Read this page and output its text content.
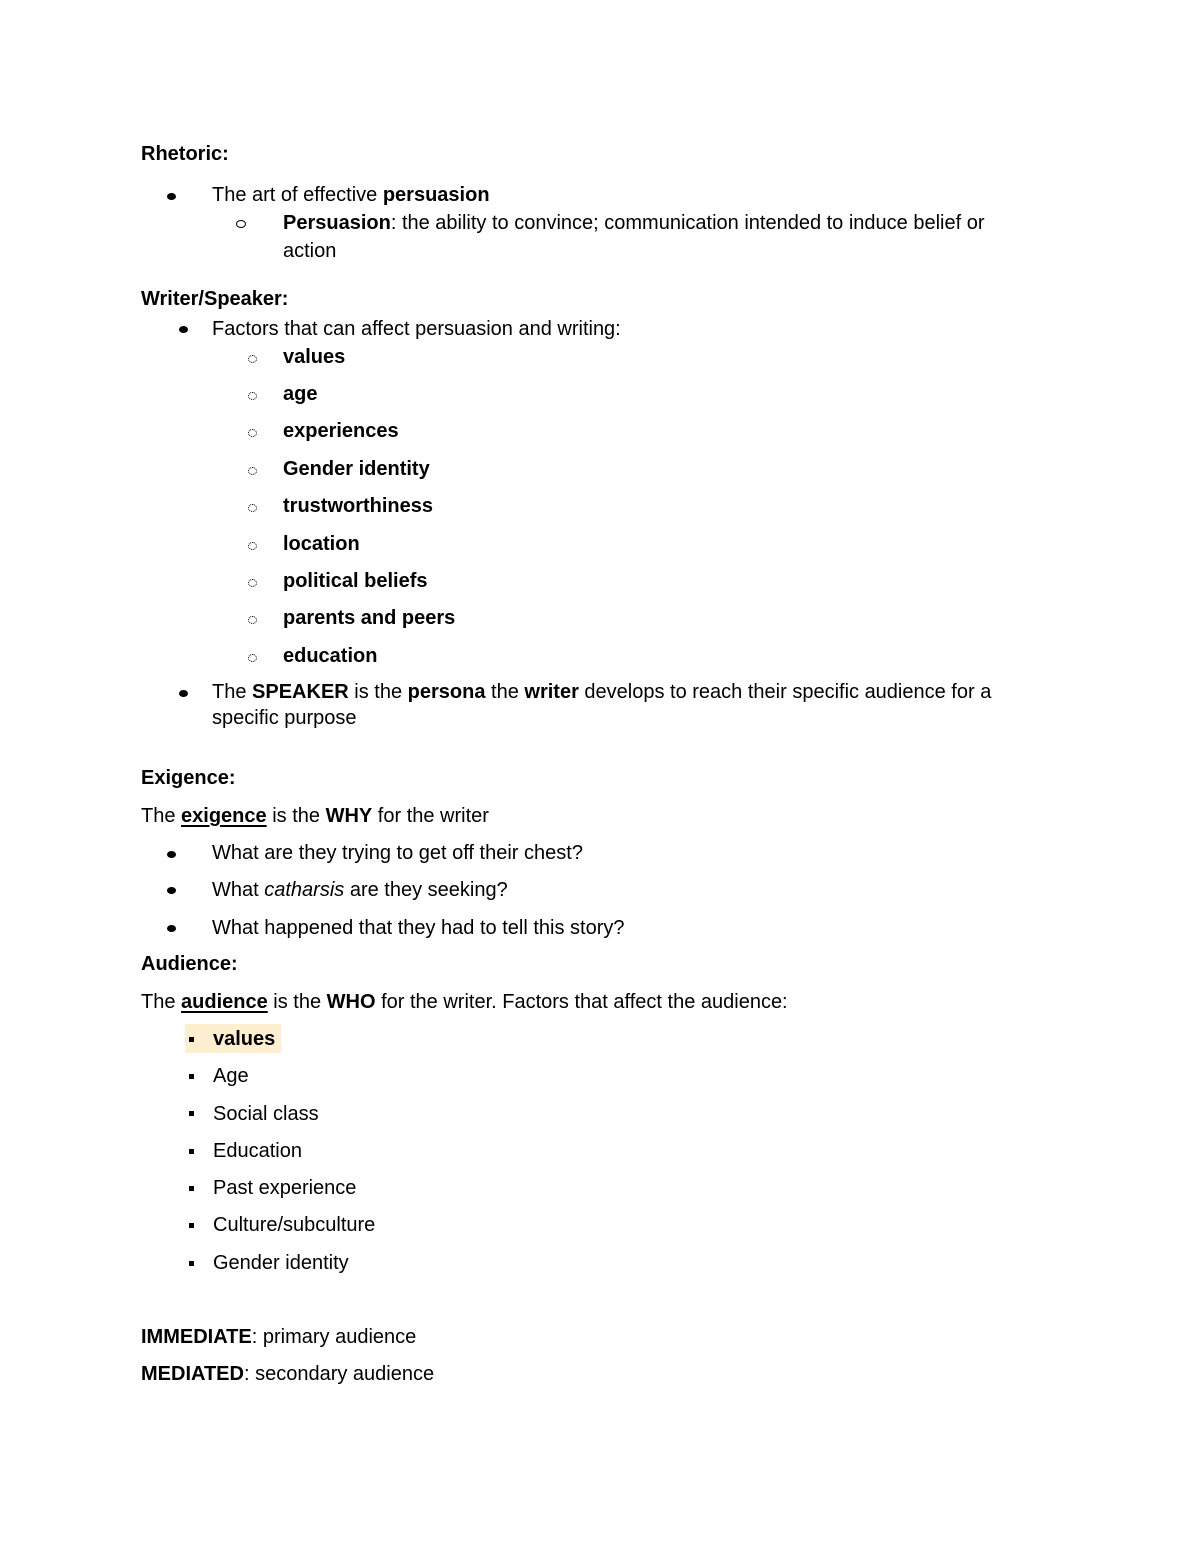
Rhetoric:
The art of effective persuasion
Persuasion: the ability to convince; communication intended to induce belief or
action
Writer/Speaker:
Factors that can affect persuasion and writing:
values
age
experiences
Gender identity
trustworthiness
location
political beliefs
parents and peers
education
The SPEAKER is the persona the writer develops to reach their specific audience for a
specific purpose
Exigence:
The exigence is the WHY for the writer
What are they trying to get off their chest?
What catharsis are they seeking?
What happened that they had to tell this story?
Audience:
The audience is the WHO for the writer. Factors that affect the audience:
values
Age
Social class
Education
Past experience
Culture/subculture
Gender identity
IMMEDIATE: primary audience
MEDIATED: secondary audience
